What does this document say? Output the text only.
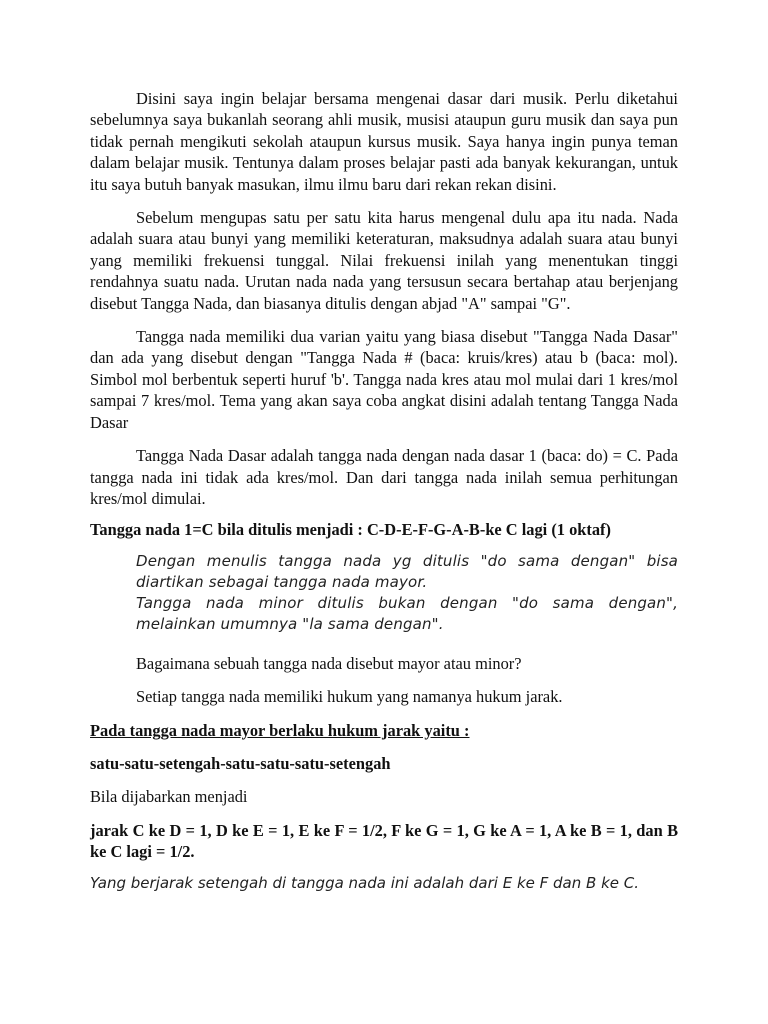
Disini saya ingin belajar bersama mengenai dasar dari musik. Perlu diketahui sebelumnya saya bukanlah seorang ahli musik, musisi ataupun guru musik dan saya pun tidak pernah mengikuti sekolah ataupun kursus musik. Saya hanya ingin punya teman dalam belajar musik. Tentunya dalam proses belajar pasti ada banyak kekurangan, untuk itu saya butuh banyak masukan, ilmu ilmu baru dari rekan rekan disini.

Sebelum mengupas satu per satu kita harus mengenal dulu apa itu nada. Nada adalah suara atau bunyi yang memiliki keteraturan, maksudnya adalah suara atau bunyi yang memiliki frekuensi tunggal. Nilai frekuensi inilah yang menentukan tinggi rendahnya suatu nada. Urutan nada nada yang tersusun secara bertahap atau berjenjang disebut Tangga Nada, dan biasanya ditulis dengan abjad "A" sampai "G".

Tangga nada memiliki dua varian yaitu yang biasa disebut "Tangga Nada Dasar" dan ada yang disebut dengan "Tangga Nada # (baca: kruis/kres) atau b (baca: mol). Simbol mol berbentuk seperti huruf 'b'. Tangga nada kres atau mol mulai dari 1 kres/mol sampai 7 kres/mol. Tema yang akan saya coba angkat disini adalah tentang Tangga Nada Dasar

Tangga Nada Dasar adalah tangga nada dengan nada dasar 1 (baca: do) = C. Pada tangga nada ini tidak ada kres/mol. Dan dari tangga nada inilah semua perhitungan kres/mol dimulai.

Tangga nada 1=C bila ditulis menjadi : C-D-E-F-G-A-B-ke C lagi (1 oktaf)

Dengan menulis tangga nada yg ditulis "do sama dengan" bisa diartikan sebagai tangga nada mayor.

Tangga nada minor ditulis bukan dengan "do sama dengan", melainkan umumnya "la sama dengan".

Bagaimana sebuah tangga nada disebut mayor atau minor?

Setiap tangga nada memiliki hukum yang namanya hukum jarak.

Pada tangga nada mayor berlaku hukum jarak yaitu :

satu-satu-setengah-satu-satu-satu-setengah

Bila dijabarkan menjadi

jarak C ke D = 1, D ke E = 1, E ke F = 1/2, F ke G = 1, G ke A = 1, A ke B = 1, dan B ke C lagi = 1/2.

Yang berjarak setengah di tangga nada ini adalah dari E ke F dan B ke C.
